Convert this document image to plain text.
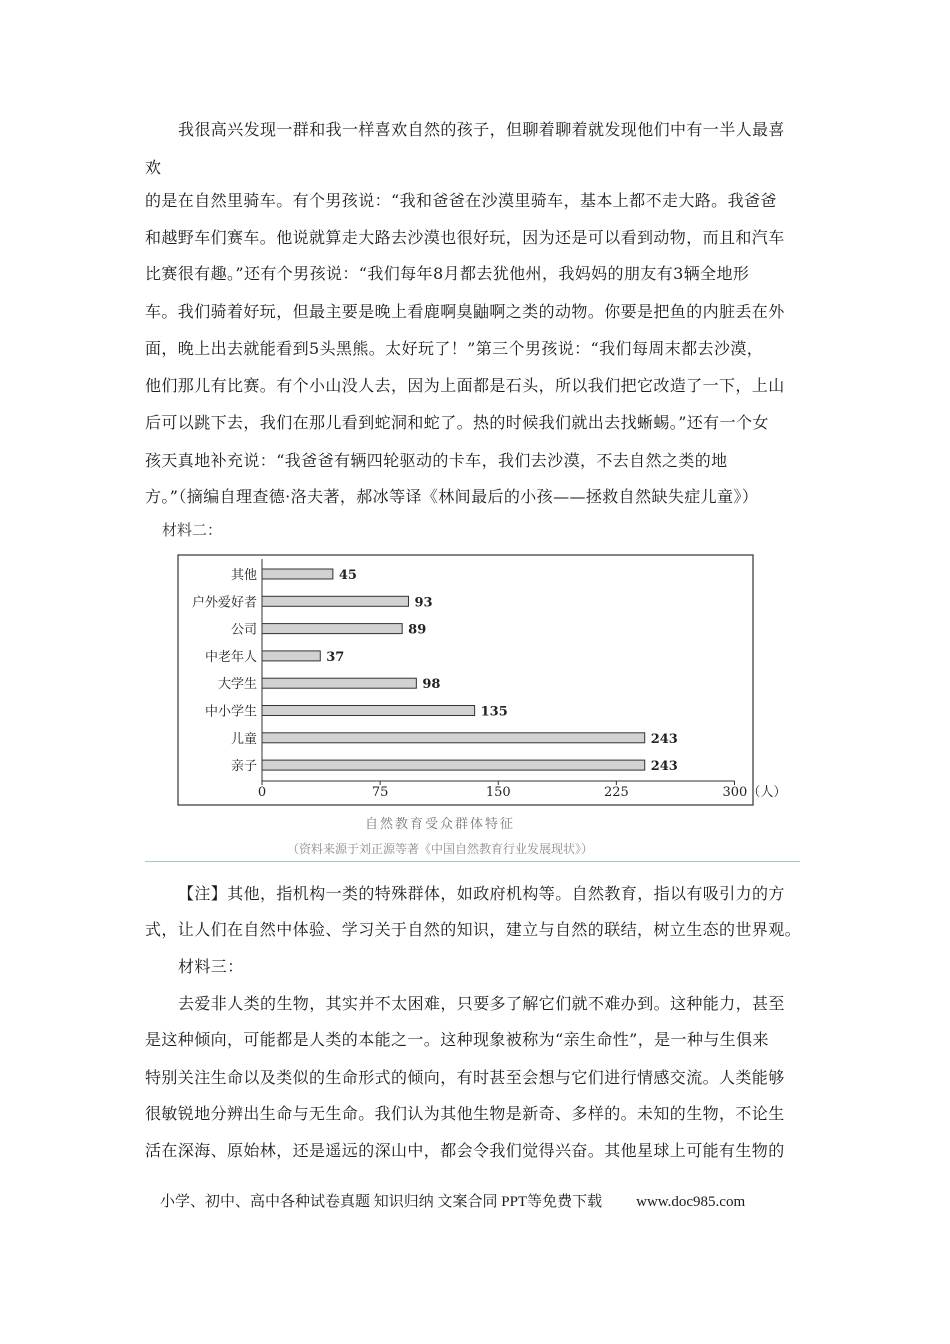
我很高兴发现一群和我一样喜欢自然的孩子，但聊着聊着就发现他们中有一半人最喜
欢
的是在自然里骑车。有个男孩说：“我和爸爸在沙漠里骑车，基本上都不走大路。我爸爸
和越野车们赛车。他说就算走大路去沙漠也很好玩，因为还是可以看到动物，而且和汽车
比赛很有趣。”还有个男孩说：“我们每年8月都去犹他州，我妈妈的朋友有3辆全地形
车。我们骑着好玩，但最主要是晚上看鹿啊臭鼬啊之类的动物。你要是把鱼的内脏丢在外
面，晚上出去就能看到5头黑熊。太好玩了！”第三个男孩说：“我们每周末都去沙漠，
他们那儿有比赛。有个小山没人去，因为上面都是石头，所以我们把它改造了一下，上山
后可以跳下去，我们在那儿看到蛇洞和蛇了。热的时候我们就出去找蜥蜴。”还有一个女
孩天真地补充说：“我爸爸有辆四轮驱动的卡车，我们去沙漠，不去自然之类的地
方。”（摘编自理查德·洛夫著，郝冰等译《林间最后的小孩——拯救自然缺失症儿童》）
材料二：
其他	45
户外爱好者	93
公司	89
中老年人	37
大学生	98
中小学生	135
儿童	243
亲子	243
0	75	150	225	300（人）
自然教育受众群体特征
（资料来源于刘正源等著《中国自然教育行业发展现状》）
【注】其他，指机构一类的特殊群体，如政府机构等。自然教育，指以有吸引力的方
式，让人们在自然中体验、学习关于自然的知识，建立与自然的联结，树立生态的世界观。
材料三：
去爱非人类的生物，其实并不太困难，只要多了解它们就不难办到。这种能力，甚至
是这种倾向，可能都是人类的本能之一。这种现象被称为“亲生命性”，是一种与生俱来
特别关注生命以及类似的生命形式的倾向，有时甚至会想与它们进行情感交流。人类能够
很敏锐地分辨出生命与无生命。我们认为其他生物是新奇、多样的。未知的生物，不论生
活在深海、原始林，还是遥远的深山中，都会令我们觉得兴奋。其他星球上可能有生物的
小学、初中、高中各种试卷真题 知识归纳 文案合同 PPT等免费下载 www.doc985.com
